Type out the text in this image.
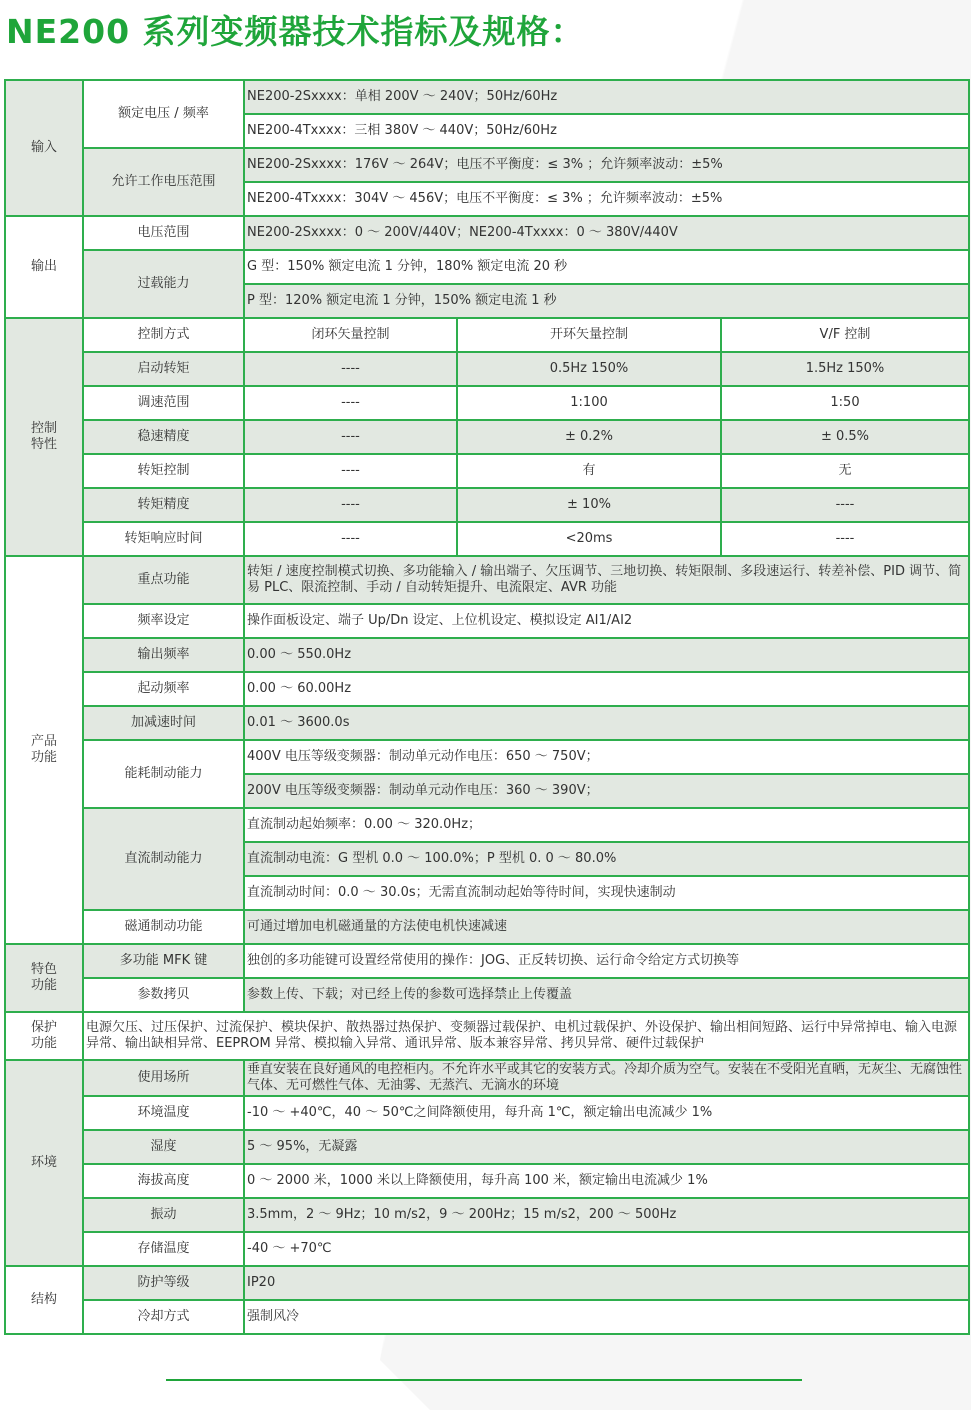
NE200 系列变频器技术指标及规格：
输入	额定电压 / 频率	NE200-2Sxxxx：单相 200V ～ 240V；50Hz/60Hz		
		NE200-4Txxxx：三相 380V ～ 440V；50Hz/60Hz		
	允许工作电压范围	NE200-2Sxxxx：176V ～ 264V；电压不平衡度：≤ 3% ；允许频率波动：±5%		
		NE200-4Txxxx：304V ～ 456V；电压不平衡度：≤ 3% ；允许频率波动：±5%		
输出	电压范围	NE200-2Sxxxx：0 ～ 200V/440V；NE200-4Txxxx：0 ～ 380V/440V		
	过载能力	G 型：150% 额定电流 1 分钟，180% 额定电流 20 秒		
		P 型：120% 额定电流 1 分钟，150% 额定电流 1 秒		
控制特性	控制方式	闭环矢量控制	开环矢量控制	V/F 控制
	启动转矩	----	0.5Hz 150%	1.5Hz 150%
	调速范围	----	1:100	1:50
	稳速精度	----	± 0.2%	± 0.5%
	转矩控制	----	有	无
	转矩精度	----	± 10%	----
	转矩响应时间	----	<20ms	----
产品功能	重点功能	转矩 / 速度控制模式切换、多功能输入 / 输出端子、欠压调节、三地切换、转矩限制、多段速运行、转差补偿、PID 调节、简易 PLC、限流控制、手动 / 自动转矩提升、电流限定、AVR 功能		
	频率设定	操作面板设定、端子 Up/Dn 设定、上位机设定、模拟设定 AI1/AI2		
	输出频率	0.00 ～ 550.0Hz		
	起动频率	0.00 ～ 60.00Hz		
	加减速时间	0.01 ～ 3600.0s		
	能耗制动能力	400V 电压等级变频器：制动单元动作电压：650 ～ 750V；		
		200V 电压等级变频器：制动单元动作电压：360 ～ 390V；		
	直流制动能力	直流制动起始频率：0.00 ～ 320.0Hz；		
		直流制动电流：G 型机 0.0 ～ 100.0%；P 型机 0. 0 ～ 80.0%		
		直流制动时间：0.0 ～ 30.0s；无需直流制动起始等待时间，实现快速制动		
	磁通制动功能	可通过增加电机磁通量的方法使电机快速减速		
特色功能	多功能 MFK 键	独创的多功能键可设置经常使用的操作：JOG、正反转切换、运行命令给定方式切换等		
	参数拷贝	参数上传、下载；对已经上传的参数可选择禁止上传覆盖		
保护功能	电源欠压、过压保护、过流保护、模块保护、散热器过热保护、变频器过载保护、电机过载保护、外设保护、输出相间短路、运行中异常掉电、输入电源异常、输出缺相异常、EEPROM 异常、模拟输入异常、通讯异常、版本兼容异常、拷贝异常、硬件过载保护			
环境	使用场所	垂直安装在良好通风的电控柜内。不允许水平或其它的安装方式。冷却介质为空气。安装在不受阳光直晒，无灰尘、无腐蚀性气体、无可燃性气体、无油雾、无蒸汽、无滴水的环境		
	环境温度	-10 ～ +40℃，40 ～ 50℃之间降额使用，每升高 1℃，额定输出电流减少 1%		
	湿度	5 ～ 95%，无凝露		
	海拔高度	0 ～ 2000 米，1000 米以上降额使用，每升高 100 米，额定输出电流减少 1%		
	振动	3.5mm，2 ～ 9Hz；10 m/s2，9 ～ 200Hz；15 m/s2，200 ～ 500Hz		
	存储温度	-40 ～ +70℃		
结构	防护等级	IP20		
	冷却方式	强制风冷		
